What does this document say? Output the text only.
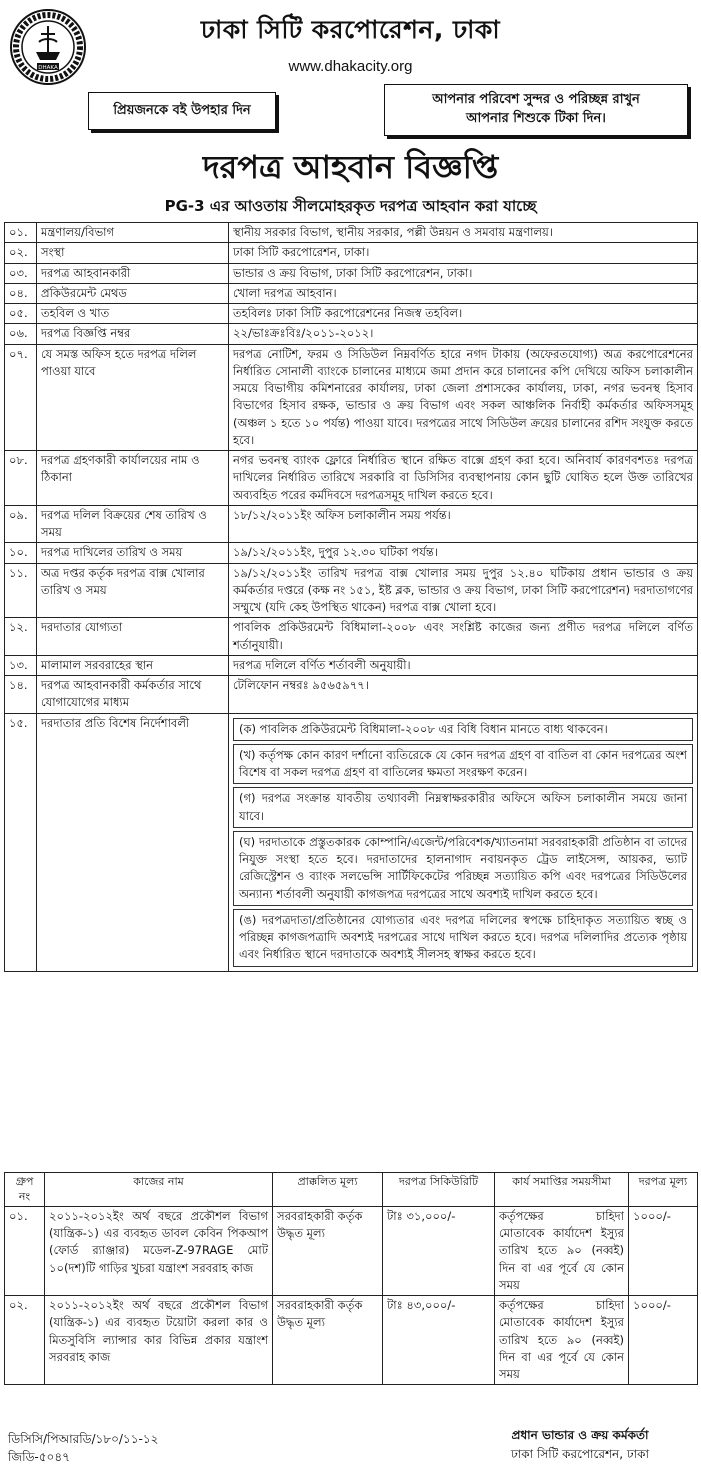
DHAKA
ঢাকা সিটি করপোরেশন, ঢাকা
www.dhakacity.org
প্রিয়জনকে বই উপহার দিন
আপনার পরিবেশ সুন্দর ও পরিচ্ছন্ন রাখুন
আপনার শিশুকে টিকা দিন।
দরপত্র আহবান বিজ্ঞপ্তি
PG-3 এর আওতায় সীলমোহরকৃত দরপত্র আহবান করা যাচ্ছে
০১.	মন্ত্রণালয়/বিভাগ	স্থানীয় সরকার বিভাগ, স্থানীয় সরকার, পল্লী উন্নয়ন ও সমবায় মন্ত্রণালয়।
০২.	সংস্থা	ঢাকা সিটি করপোরেশন, ঢাকা।
০৩.	দরপত্র আহবানকারী	ভান্ডার ও ক্রয় বিভাগ, ঢাকা সিটি করপোরেশন, ঢাকা।
০৪.	প্রকিউরমেন্ট মেথড	খোলা দরপত্র আহবান।
০৫.	তহবিল ও খাত	তহবিলঃ ঢাকা সিটি করপোরেশনের নিজস্ব তহবিল।
০৬.	দরপত্র বিজ্ঞপ্তি নম্বর	২২/ভাঃক্রঃবিঃ/২০১১-২০১২।
০৭.	যে সমস্ত অফিস হতে দরপত্র দলিল পাওয়া যাবে	দরপত্র নোটিশ, ফরম ও সিডিউল নিম্নবর্ণিত হারে নগদ টাকায় (অফেরতযোগ্য) অত্র করপোরেশনের নির্ধারিত সোনালী ব্যাংকে চালানের মাধ্যমে জমা প্রদান করে চালানের কপি দেখিয়ে অফিস চলাকালীন সময়ে বিভাগীয় কমিশনারের কার্যালয়, ঢাকা জেলা প্রশাসকের কার্যালয়, ঢাকা, নগর ভবনস্থ হিসাব বিভাগের হিসাব রক্ষক, ভান্ডার ও ক্রয় বিভাগ এবং সকল আঞ্চলিক নির্বাহী কর্মকর্তার অফিসসমূহ (অঞ্চল ১ হতে ১০ পর্যন্ত) পাওয়া যাবে। দরপত্রের সাথে সিডিউল ক্রয়ের চালানের রশিদ সংযুক্ত করতে হবে।
০৮.	দরপত্র গ্রহণকারী কার্যালয়ের নাম ও ঠিকানা	নগর ভবনস্থ ব্যাংক ফ্লোরে নির্ধারিত স্থানে রক্ষিত বাক্সে গ্রহণ করা হবে। অনিবার্য কারণবশতঃ দরপত্র দাখিলের নির্ধারিত তারিখে সরকারি বা ডিসিসির ব্যবস্থাপনায় কোন ছুটি ঘোষিত হলে উক্ত তারিখের অব্যবহিত পরের কর্মদিবসে দরপত্রসমূহ দাখিল করতে হবে।
০৯.	দরপত্র দলিল বিক্রয়ের শেষ তারিখ ও সময়	১৮/১২/২০১১ইং অফিস চলাকালীন সময় পর্যন্ত।
১০.	দরপত্র দাখিলের তারিখ ও সময়	১৯/১২/২০১১ইং, দুপুর ১২.৩০ ঘটিকা পর্যন্ত।
১১.	অত্র দপ্তর কর্তৃক দরপত্র বাক্স খোলার তারিখ ও সময়	১৯/১২/২০১১ইং তারিখ দরপত্র বাক্স খোলার সময় দুপুর ১২.৪০ ঘটিকায় প্রধান ভান্ডার ও ক্রয় কর্মকর্তার দপ্তরে (কক্ষ নং ১৫১, ইষ্ট ব্লক, ভান্ডার ও ক্রয় বিভাগ, ঢাকা সিটি করপোরেশন) দরদাতাগণের সম্মুখে (যদি কেহ উপস্থিত থাকেন) দরপত্র বাক্স খোলা হবে।
১২.	দরদাতার যোগ্যতা	পাবলিক প্রকিউরমেন্ট বিধিমালা-২০০৮ এবং সংশ্লিষ্ট কাজের জন্য প্রণীত দরপত্র দলিলে বর্ণিত শর্তানুযায়ী।
১৩.	মালামাল সরবরাহের স্থান	দরপত্র দলিলে বর্ণিত শর্তাবলী অনুযায়ী।
১৪.	দরপত্র আহবানকারী কর্মকর্তার সাথে যোগাযোগের মাধ্যম	টেলিফোন নম্বরঃ ৯৫৬৫৯৭৭।
১৫.	দরদাতার প্রতি বিশেষ নির্দেশাবলী	(ক) পাবলিক প্রকিউরমেন্ট বিধিমালা-২০০৮ এর বিধি বিধান মানতে বাধ্য থাকবেন।
(খ) কর্তৃপক্ষ কোন কারণ দর্শানো ব্যতিরেকে যে কোন দরপত্র গ্রহণ বা বাতিল বা কোন দরপত্রের অংশ বিশেষ বা সকল দরপত্র গ্রহণ বা বাতিলের ক্ষমতা সংরক্ষণ করেন।
(গ) দরপত্র সংক্রান্ত যাবতীয় তথ্যাবলী নিম্নস্বাক্ষরকারীর অফিসে অফিস চলাকালীন সময়ে জানা যাবে।
(ঘ) দরদাতাকে প্রস্তুতকারক কোম্পানি/এজেন্ট/পরিবেশক/খ্যাতনামা সরবরাহকারী প্রতিষ্ঠান বা তাদের নিযুক্ত সংস্থা হতে হবে। দরদাতাদের হালনাগাদ নবায়নকৃত ট্রেড লাইসেন্স, আয়কর, ভ্যাট রেজিস্ট্রেশন ও ব্যাংক সলভেন্সি সার্টিফিকেটের পরিচ্ছন্ন সত্যায়িত কপি এবং দরপত্রের সিডিউলের অন্যান্য শর্তাবলী অনুযায়ী কাগজপত্র দরপত্রের সাথে অবশ্যই দাখিল করতে হবে।
(ঙ) দরপত্রদাতা/প্রতিষ্ঠানের যোগ্যতার এবং দরপত্র দলিলের স্বপক্ষে চাহিদাকৃত সত্যায়িত স্বচ্ছ ও পরিচ্ছন্ন কাগজপত্রাদি অবশ্যই দরপত্রের সাথে দাখিল করতে হবে। দরপত্র দলিলাদির প্রত্যেক পৃষ্ঠায় এবং নির্ধারিত স্থানে দরদাতাকে অবশ্যই সীলসহ স্বাক্ষর করতে হবে।
গ্রুপ নং	কাজের নাম	প্রাক্কলিত মূল্য	দরপত্র সিকিউরিটি	কার্য সমাপ্তির সময়সীমা	দরপত্র মূল্য
০১.	২০১১-২০১২ইং অর্থ বছরে প্রকৌশল বিভাগ (যান্ত্রিক-১) এর ব্যবহৃত ডাবল কেবিন পিকআপ (ফোর্ড র‍্যাঞ্জার) মডেল-Z-97RAGE মোট ১০(দশ)টি গাড়ির খুচরা যন্ত্রাংশ সরবরাহ কাজ	সরবরাহকারী কর্তৃক উদ্ধৃত মূল্য	টাঃ ৩১,০০০/-	কর্তৃপক্ষের চাহিদা মোতাবেক কার্যাদেশ ইস্যুর তারিখ হতে ৯০ (নব্বই) দিন বা এর পূর্বে যে কোন সময়	১০০০/-
০২.	২০১১-২০১২ইং অর্থ বছরে প্রকৌশল বিভাগ (যান্ত্রিক-১) এর ব্যবহৃত টয়োটা করলা কার ও মিতসুবিসি ল্যান্সার কার বিভিন্ন প্রকার যন্ত্রাংশ সরবরাহ কাজ	সরবরাহকারী কর্তৃক উদ্ধৃত মূল্য	টাঃ ৪৩,০০০/-	কর্তৃপক্ষের চাহিদা মোতাবেক কার্যাদেশ ইস্যুর তারিখ হতে ৯০ (নব্বই) দিন বা এর পূর্বে যে কোন সময়	১০০০/-
ডিসিসি/পিআরডি/১৮০/১১-১২
জিডি-৫০৪৭
প্রধান ভান্ডার ও ক্রয় কর্মকর্তা
ঢাকা সিটি করপোরেশন, ঢাকা
